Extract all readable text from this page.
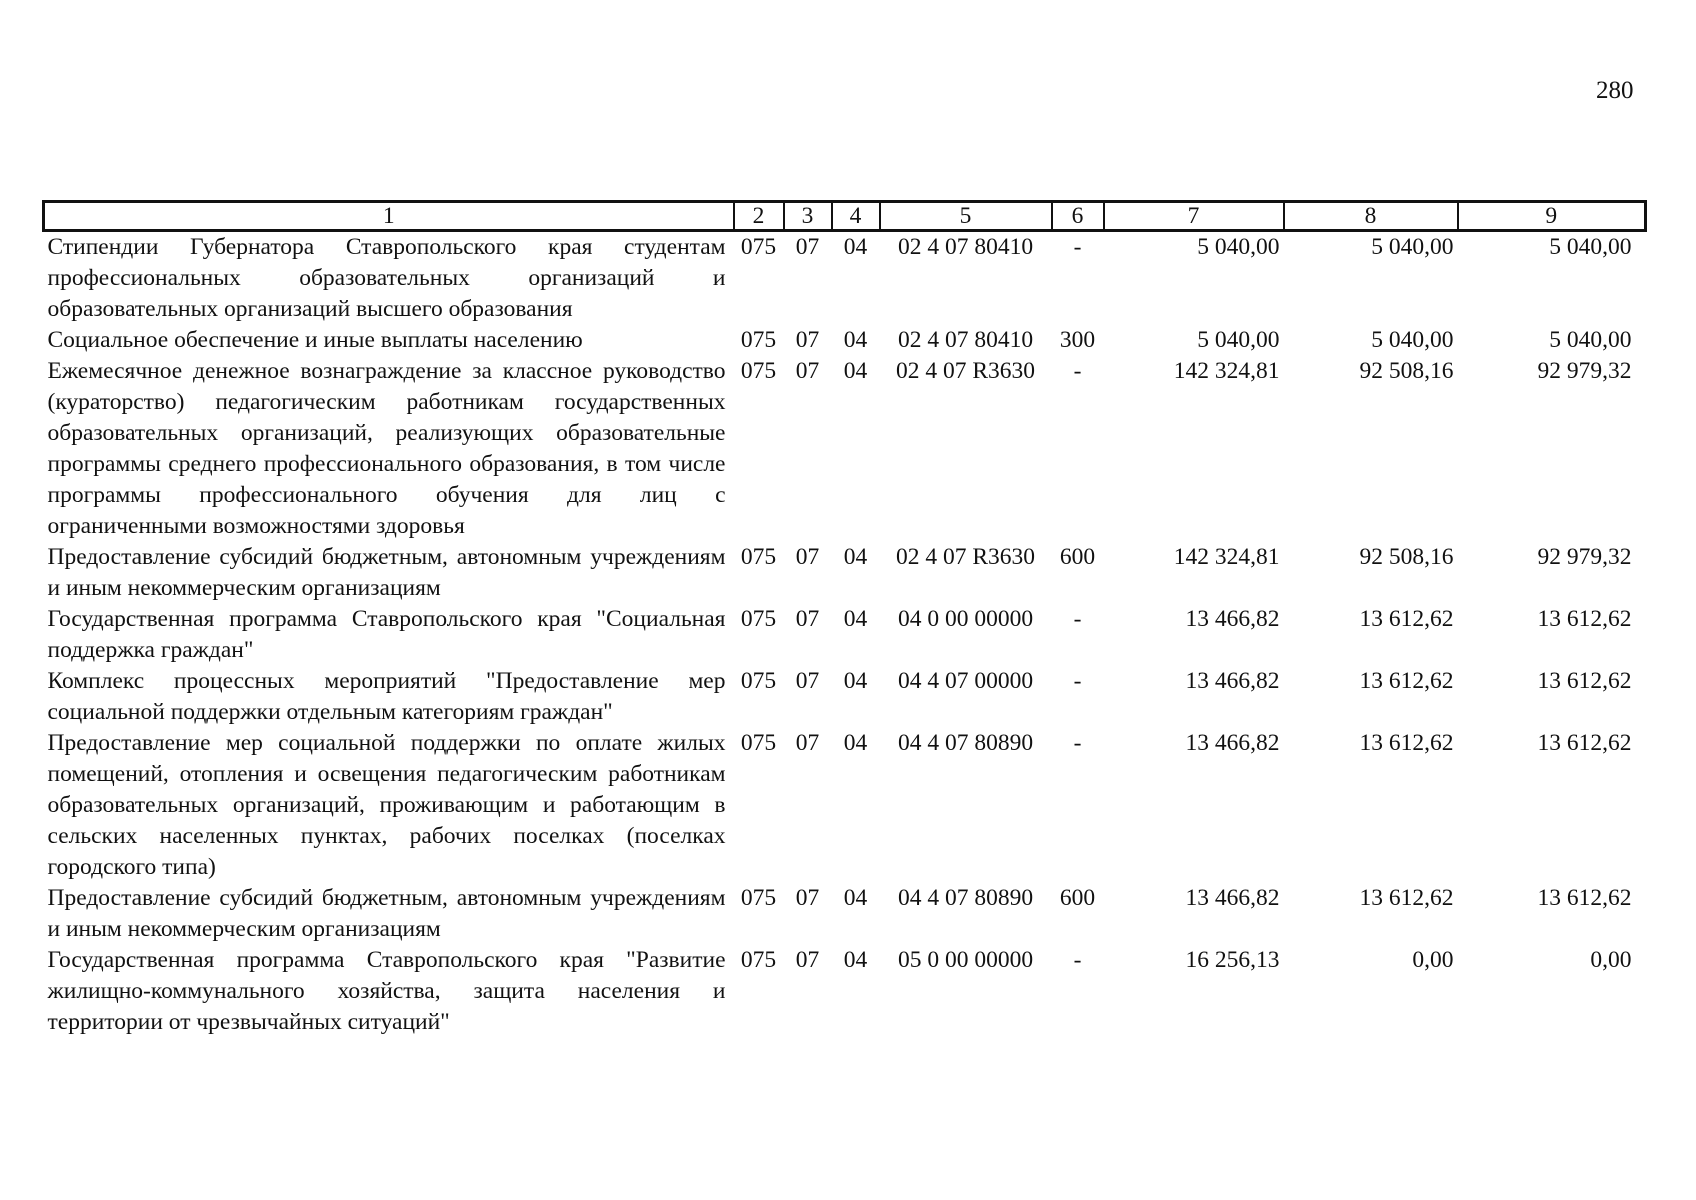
280
1	2	3	4	5	6	7	8	9
Стипендии Губернатора Ставропольского края студентам профессиональных образовательных организаций и образовательных организаций высшего образования	075	07	04	02 4 07 80410	-	5 040,00	5 040,00	5 040,00
Социальное обеспечение и иные выплаты населению	075	07	04	02 4 07 80410	300	5 040,00	5 040,00	5 040,00
Ежемесячное денежное вознаграждение за классное руководство (кураторство) педагогическим работникам государственных образовательных организаций, реализующих образовательные программы среднего профессионального образования, в том числе программы профессионального обучения для лиц с ограниченными возможностями здоровья	075	07	04	02 4 07 R3630	-	142 324,81	92 508,16	92 979,32
Предоставление субсидий бюджетным, автономным учреждениям и иным некоммерческим организациям	075	07	04	02 4 07 R3630	600	142 324,81	92 508,16	92 979,32
Государственная программа Ставропольского края "Социальная поддержка граждан"	075	07	04	04 0 00 00000	-	13 466,82	13 612,62	13 612,62
Комплекс процессных мероприятий "Предоставление мер социальной поддержки отдельным категориям граждан"	075	07	04	04 4 07 00000	-	13 466,82	13 612,62	13 612,62
Предоставление мер социальной поддержки по оплате жилых помещений, отопления и освещения педагогическим работникам образовательных организаций, проживающим и работающим в сельских населенных пунктах, рабочих поселках (поселках городского типа)	075	07	04	04 4 07 80890	-	13 466,82	13 612,62	13 612,62
Предоставление субсидий бюджетным, автономным учреждениям и иным некоммерческим организациям	075	07	04	04 4 07 80890	600	13 466,82	13 612,62	13 612,62
Государственная программа Ставропольского края "Развитие жилищно-коммунального хозяйства, защита населения и территории от чрезвычайных ситуаций"	075	07	04	05 0 00 00000	-	16 256,13	0,00	0,00
